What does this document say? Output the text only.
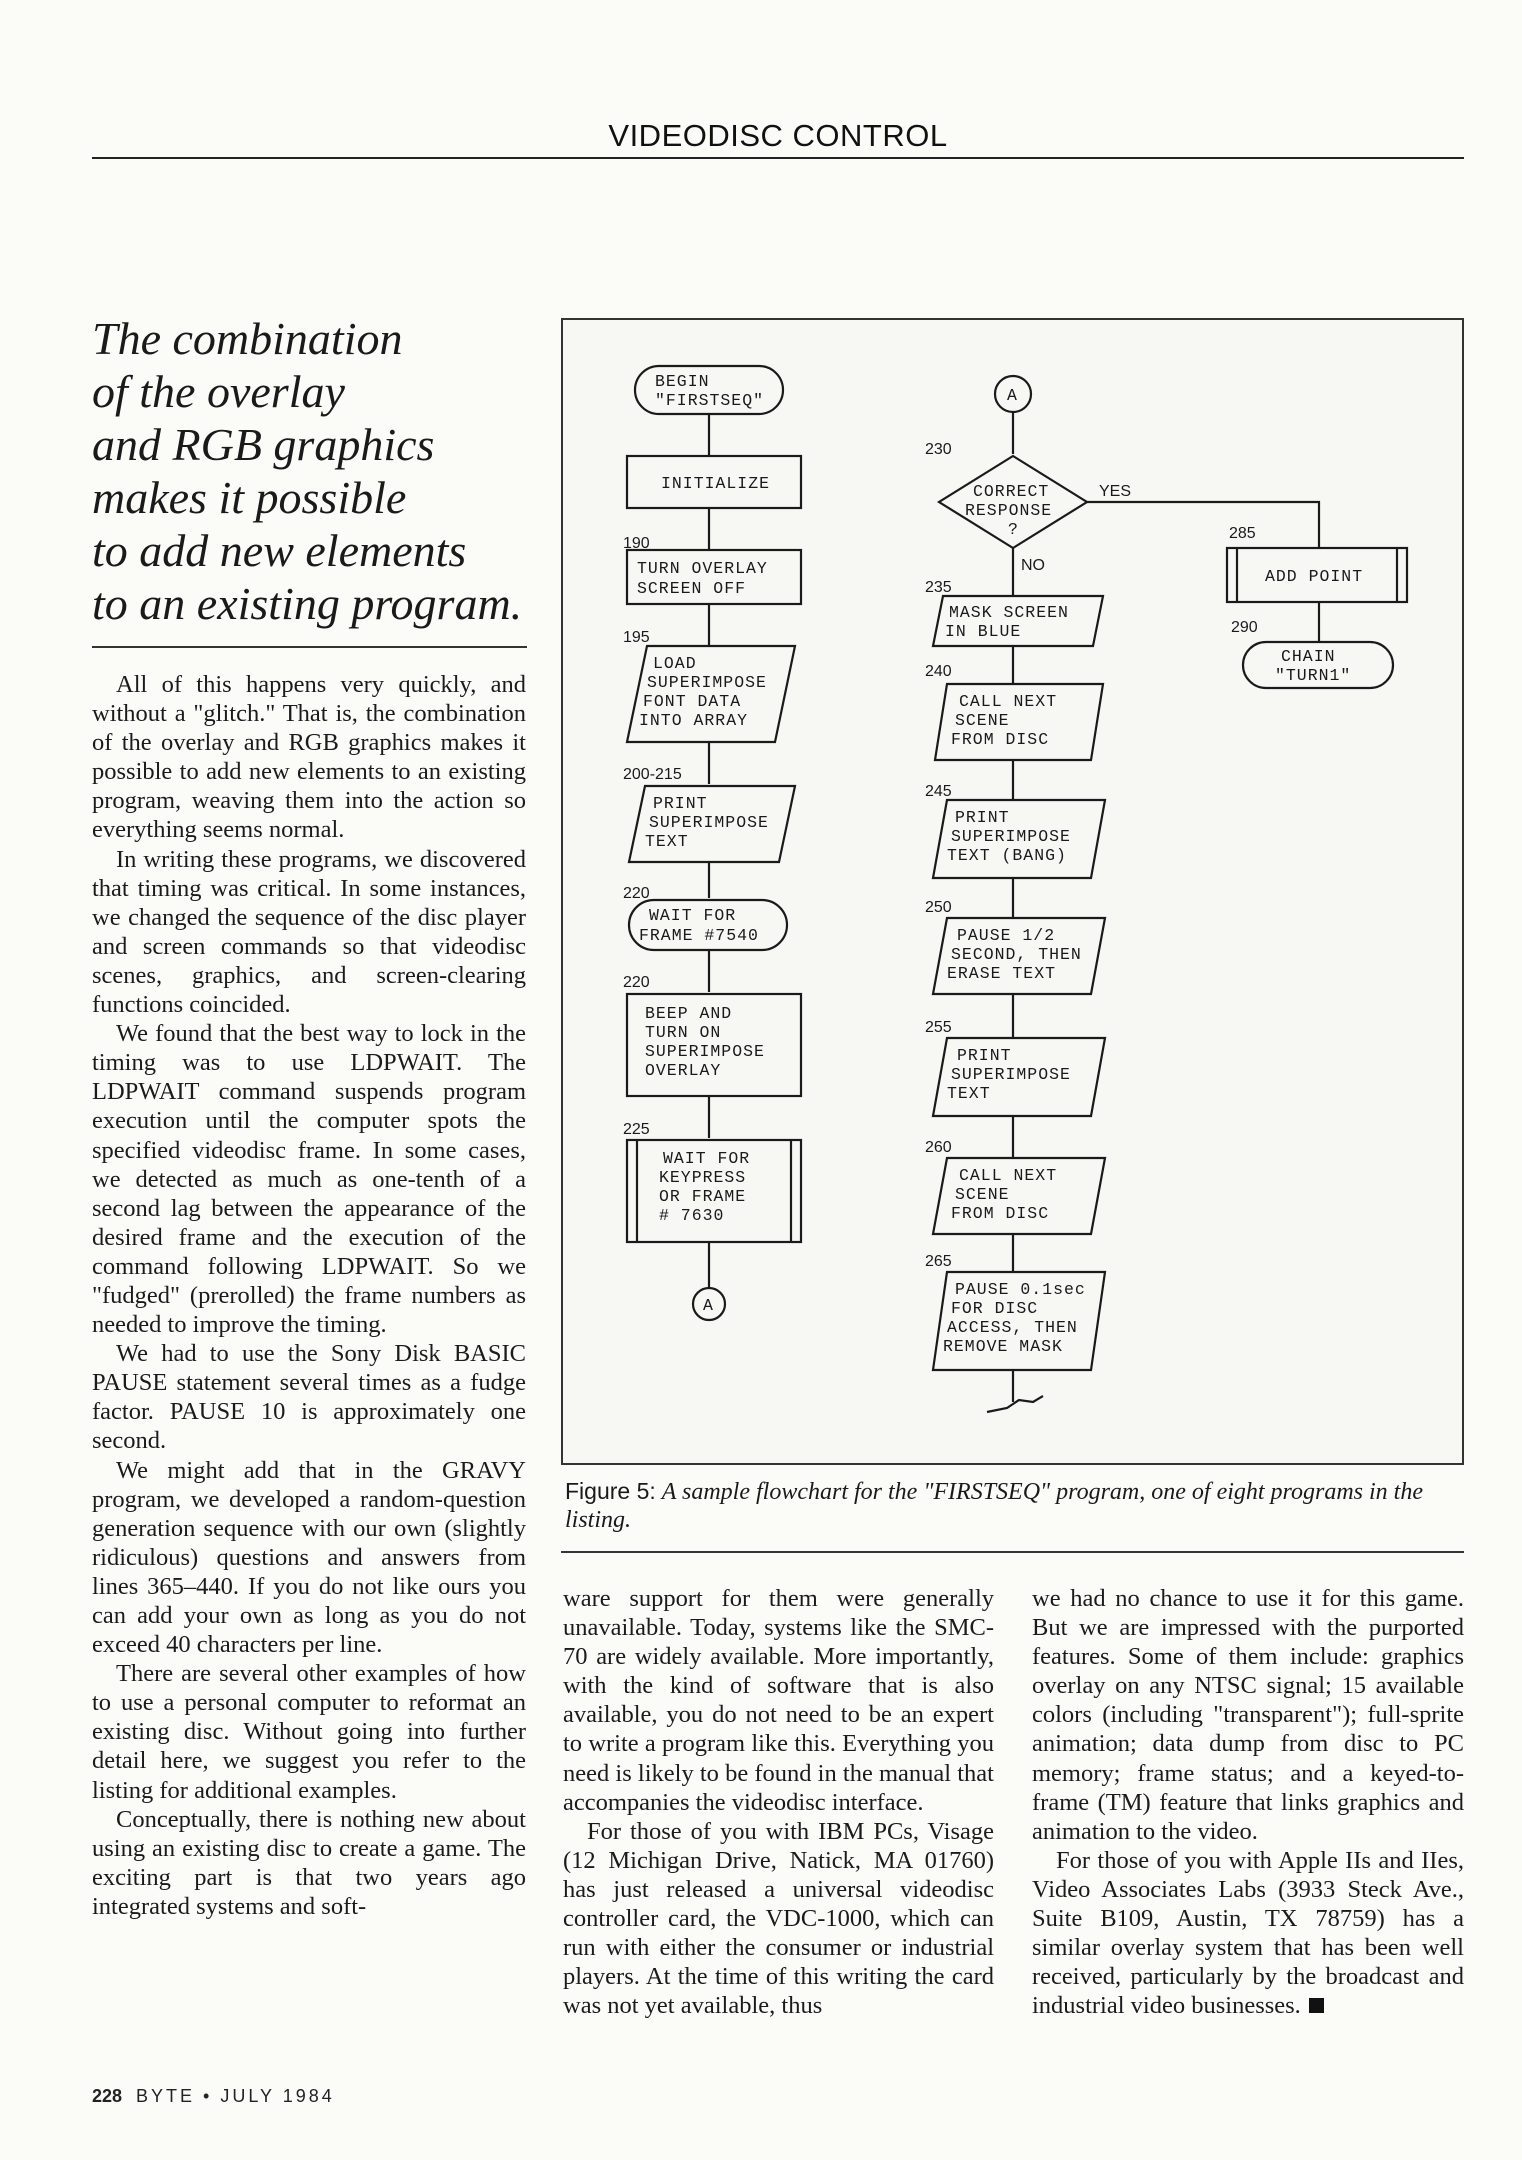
VIDEODISC CONTROL
The combination
of the overlay
and RGB graphics
makes it possible
to add new elements
to an existing program.

All of this happens very quickly, and without a "glitch." That is, the combination of the overlay and RGB graphics makes it possible to add new elements to an existing program, weaving them into the action so everything seems normal.

In writing these programs, we discovered that timing was critical. In some instances, we changed the sequence of the disc player and screen commands so that videodisc scenes, graphics, and screen-clearing functions coincided.

We found that the best way to lock in the timing was to use LDPWAIT. The LDPWAIT command suspends program execution until the computer spots the specified videodisc frame. In some cases, we detected as much as one-tenth of a second lag between the appearance of the desired frame and the execution of the command following LDPWAIT. So we "fudged" (prerolled) the frame numbers as needed to improve the timing.

We had to use the Sony Disk BASIC PAUSE statement several times as a fudge factor. PAUSE 10 is approximately one second.

We might add that in the GRAVY program, we developed a random-question generation sequence with our own (slightly ridiculous) questions and answers from lines 365–440. If you do not like ours you can add your own as long as you do not exceed 40 characters per line.

There are several other examples of how to use a personal computer to reformat an existing disc. Without going into further detail here, we suggest you refer to the listing for additional examples.

Conceptually, there is nothing new about using an existing disc to create a game. The exciting part is that two years ago integrated systems and soft-

BEGIN
"FIRSTSEQ"
INITIALIZE
190
TURN OVERLAY
SCREEN OFF
195
LOAD
SUPERIMPOSE
FONT DATA
INTO ARRAY
200-215
PRINT
SUPERIMPOSE
TEXT
220
WAIT FOR
FRAME #7540
220
BEEP AND
TURN ON
SUPERIMPOSE
OVERLAY
225
WAIT FOR
KEYPRESS
OR FRAME
# 7630
A
A
230
CORRECT
RESPONSE
?
YES
NO
235
MASK SCREEN
IN BLUE
240
CALL NEXT
SCENE
FROM DISC
245
PRINT
SUPERIMPOSE
TEXT (BANG)
250
PAUSE 1/2
SECOND, THEN
ERASE TEXT
255
PRINT
SUPERIMPOSE
TEXT
260
CALL NEXT
SCENE
FROM DISC
265
PAUSE 0.1sec
FOR DISC
ACCESS, THEN
REMOVE MASK
285
ADD POINT
290
CHAIN
"TURN1"
Figure 5: A sample flowchart for the "FIRSTSEQ" program, one of eight programs in the listing.

ware support for them were generally unavailable. Today, systems like the SMC-70 are widely available. More importantly, with the kind of software that is also available, you do not need to be an expert to write a program like this. Everything you need is likely to be found in the manual that accompanies the videodisc interface.

For those of you with IBM PCs, Visage (12 Michigan Drive, Natick, MA 01760) has just released a universal videodisc controller card, the VDC-1000, which can run with either the consumer or industrial players. At the time of this writing the card was not yet available, thus

we had no chance to use it for this game. But we are impressed with the purported features. Some of them include: graphics overlay on any NTSC signal; 15 available colors (including "transparent"); full-sprite animation; data dump from disc to PC memory; frame status; and a keyed-to-frame (TM) feature that links graphics and animation to the video.

For those of you with Apple IIs and IIes, Video Associates Labs (3933 Steck Ave., Suite B109, Austin, TX 78759) has a similar overlay system that has been well received, particularly by the broadcast and industrial video businesses.

228 BYTE • JULY 1984
